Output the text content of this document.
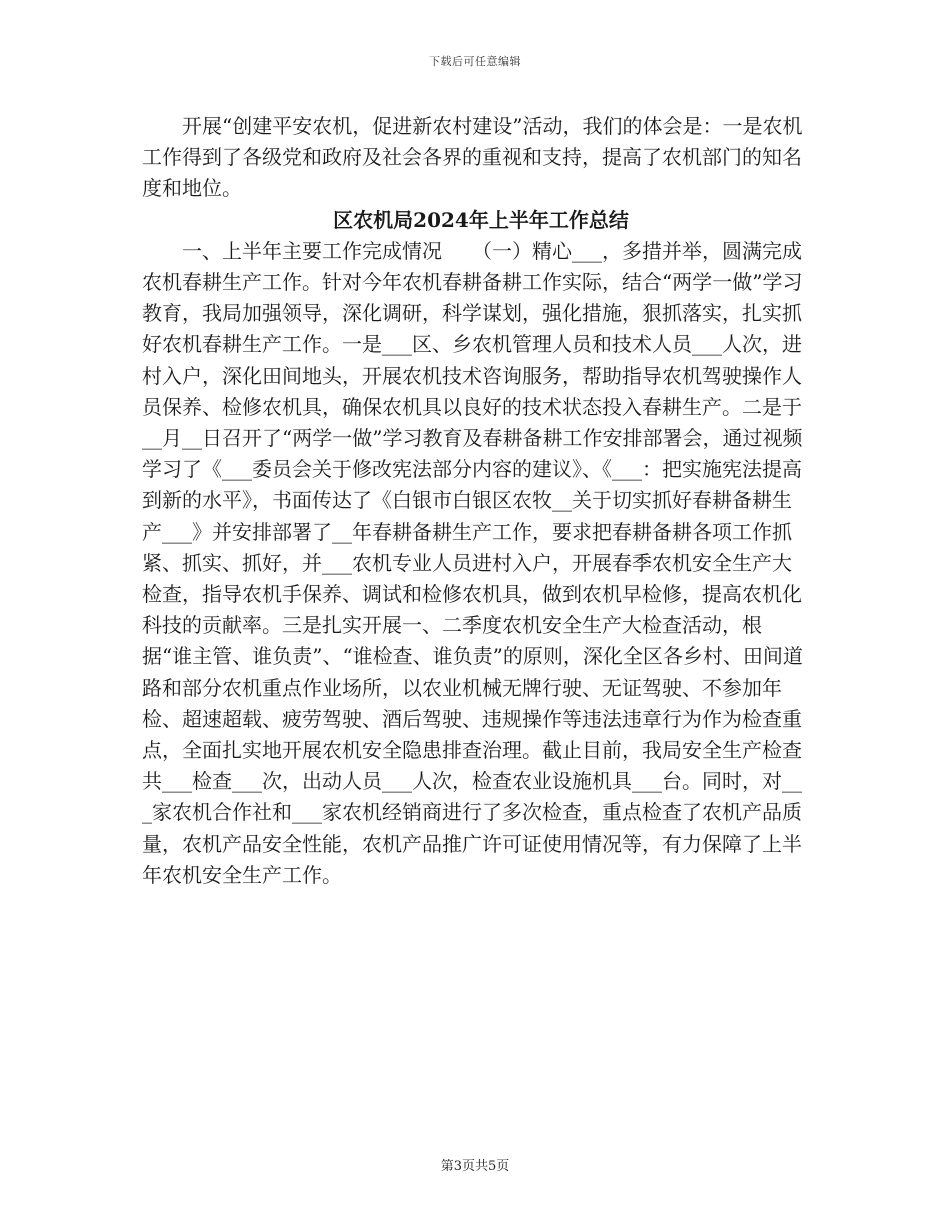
下载后可任意编辑

开展“创建平安农机，促进新农村建设”活动，我们的体会是：一是农机工作得到了各级党和政府及社会各界的重视和支持，提高了农机部门的知名度和地位。

区农机局2024年上半年工作总结

一、上半年主要工作完成情况　　（一）精心___，多措并举，圆满完成农机春耕生产工作。针对今年农机春耕备耕工作实际，结合“两学一做”学习教育，我局加强领导，深化调研，科学谋划，强化措施，狠抓落实，扎实抓好农机春耕生产工作。一是___区、乡农机管理人员和技术人员___人次，进村入户，深化田间地头，开展农机技术咨询服务，帮助指导农机驾驶操作人员保养、检修农机具，确保农机具以良好的技术状态投入春耕生产。二是于__月__日召开了“两学一做”学习教育及春耕备耕工作安排部署会，通过视频学习了《___委员会关于修改宪法部分内容的建议》、《___：把实施宪法提高到新的水平》，书面传达了《白银市白银区农牧__关于切实抓好春耕备耕生产___》并安排部署了__年春耕备耕生产工作，要求把春耕备耕各项工作抓紧、抓实、抓好，并___农机专业人员进村入户，开展春季农机安全生产大检查，指导农机手保养、调试和检修农机具，做到农机早检修，提高农机化科技的贡献率。三是扎实开展一、二季度农机安全生产大检查活动，根据“谁主管、谁负责”、“谁检查、谁负责”的原则，深化全区各乡村、田间道路和部分农机重点作业场所，以农业机械无牌行驶、无证驾驶、不参加年检、超速超载、疲劳驾驶、酒后驾驶、违规操作等违法违章行为作为检查重点，全面扎实地开展农机安全隐患排查治理。截止目前，我局安全生产检查共___检查___次，出动人员___人次，检查农业设施机具___台。同时，对___家农机合作社和___家农机经销商进行了多次检查，重点检查了农机产品质量，农机产品安全性能，农机产品推广许可证使用情况等，有力保障了上半年农机安全生产工作。

第3页共5页
